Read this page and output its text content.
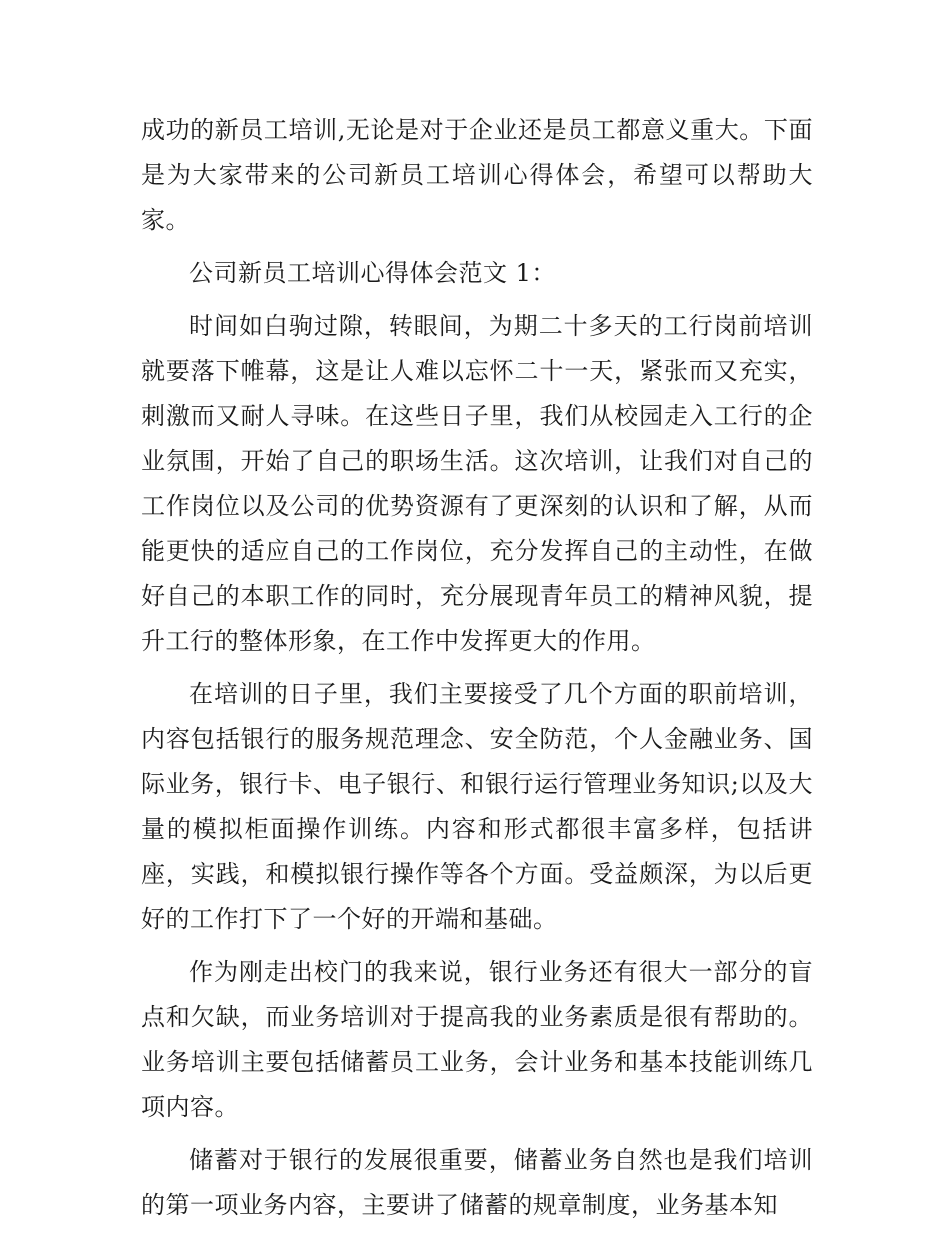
成功的新员工培训,无论是对于企业还是员工都意义重大。下面是为大家带来的公司新员工培训心得体会，希望可以帮助大家。

公司新员工培训心得体会范文 1：

时间如白驹过隙，转眼间，为期二十多天的工行岗前培训就要落下帷幕，这是让人难以忘怀二十一天，紧张而又充实，刺激而又耐人寻味。在这些日子里，我们从校园走入工行的企业氛围，开始了自己的职场生活。这次培训，让我们对自己的工作岗位以及公司的优势资源有了更深刻的认识和了解，从而能更快的适应自己的工作岗位，充分发挥自己的主动性，在做好自己的本职工作的同时，充分展现青年员工的精神风貌，提升工行的整体形象，在工作中发挥更大的作用。

在培训的日子里，我们主要接受了几个方面的职前培训，内容包括银行的服务规范理念、安全防范，个人金融业务、国际业务，银行卡、电子银行、和银行运行管理业务知识;以及大量的模拟柜面操作训练。内容和形式都很丰富多样，包括讲座，实践，和模拟银行操作等各个方面。受益颇深，为以后更好的工作打下了一个好的开端和基础。

作为刚走出校门的我来说，银行业务还有很大一部分的盲点和欠缺，而业务培训对于提高我的业务素质是很有帮助的。业务培训主要包括储蓄员工业务，会计业务和基本技能训练几项内容。

储蓄对于银行的发展很重要，储蓄业务自然也是我们培训的第一项业务内容，主要讲了储蓄的规章制度，业务基本知
